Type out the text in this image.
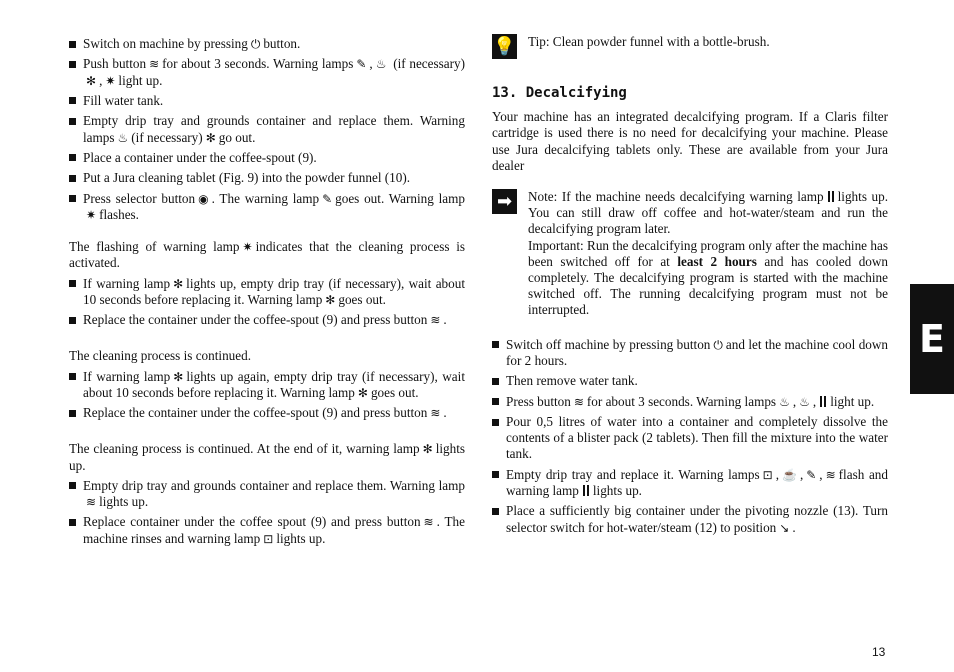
Switch on machine by pressing ⏻ button.
Push button ≋ for about 3 seconds. Warning lamps ✎ , ♨ (if necessary)✻ , ✷ light up.
Fill water tank.
Empty drip tray and grounds container and replace them. Warning lamps ♨ (if necessary) ✻ go out.
Place a container under the coffee-spout (9).
Put a Jura cleaning tablet (Fig. 9) into the powder funnel (10).
Press selector button ◉ . The warning lamp ✎ goes out. Warning lamp✷ flashes.

The flashing of warning lamp ✷ indicates that the cleaning process is activated.

If warning lamp ✻ lights up, empty drip tray (if necessary), wait about 10 seconds before replacing it. Warning lamp ✻ goes out.
Replace the container under the coffee-spout (9) and press button ≋ .

The cleaning process is continued.

If warning lamp ✻ lights up again, empty drip tray (if necessary), wait about 10 seconds before replacing it. Warning lamp ✻ goes out.
Replace the container under the coffee-spout (9) and press button ≋ .

The cleaning process is continued. At the end of it, warning lamp ✻ lights up.

Empty drip tray and grounds container and replace them. Warning lamp≋ lights up.
Replace container under the coffee spout (9) and press button ≋ . The machine rinses and warning lamp ⊡ lights up.
💡 Tip: Clean powder funnel with a bottle-brush.

13. Decalcifying

Your machine has an integrated decalcifying program. If a Claris filter cartridge is used there is no need for decalcifying your machine. Please use Jura decalcifying tablets only. These are available from your Jura dealer

➡	Note: If the machine needs decalcifying warning lamp lights up. You can still draw off coffee and hot-water/steam and run the decalcifying program later.

Important: Run the decalcifying program only after the machine has been switched off for at least 2 hours and has cooled down completely. The decalcifying program is started with the machine switched off. The running decalcifying program must not be interrupted.

Switch off machine by pressing button ⏻ and let the machine cool down for 2 hours.
Then remove water tank.
Press button ≋ for about 3 seconds. Warning lamps ♨ , ♨ , light up.
Pour 0,5 litres of water into a container and completely dissolve the contents of a blister pack (2 tablets). Then fill the mixture into the water tank.
Empty drip tray and replace it. Warning lamps ⊡ , ☕ , ✎ , ≋ flash and warning lamp lights up.
Place a sufficiently big container under the pivoting nozzle (13). Turn selector switch for hot-water/steam (12) to position ↘ .
E
13
